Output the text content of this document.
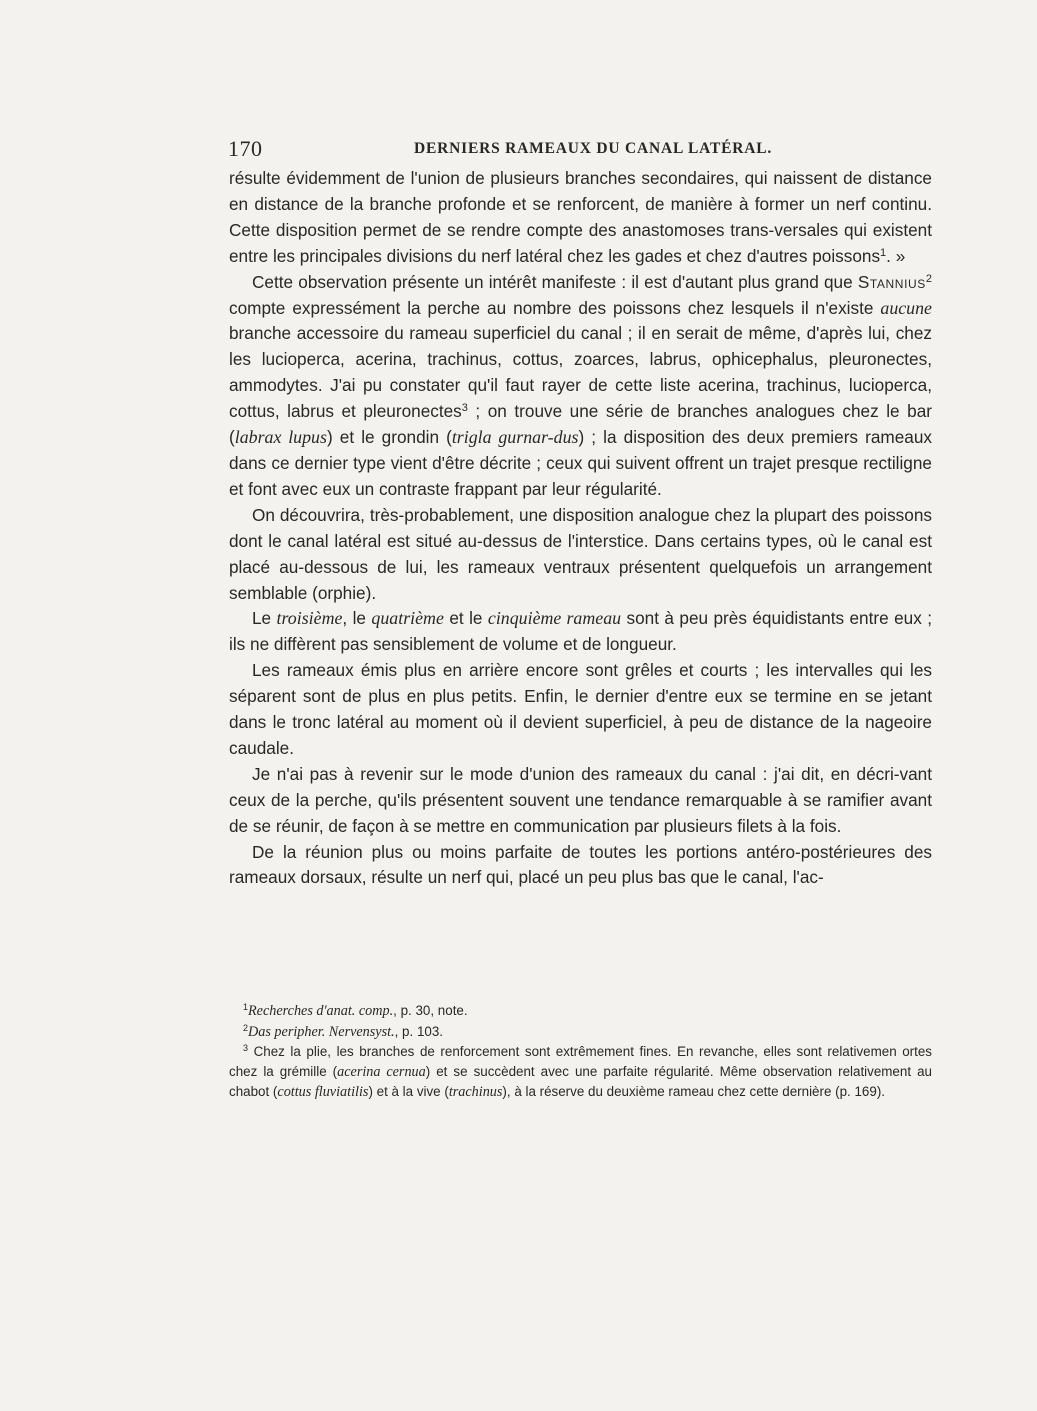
170	DERNIERS RAMEAUX DU CANAL LATÉRAL.

résulte évidemment de l'union de plusieurs branches secondaires, qui naissent de distance en distance de la branche profonde et se renforcent, de manière à former un nerf continu. Cette disposition permet de se rendre compte des anastomoses trans-versales qui existent entre les principales divisions du nerf latéral chez les gades et chez d'autres poissons$^1$. »

Cette observation présente un intérêt manifeste : il est d'autant plus grand que Stannius$^2$ compte expressément la perche au nombre des poissons chez lesquels il n'existe aucune branche accessoire du rameau superficiel du canal ; il en serait de même, d'après lui, chez les lucioperca, acerina, trachinus, cottus, zoarces, labrus, ophicephalus, pleuronectes, ammodytes. J'ai pu constater qu'il faut rayer de cette liste acerina, trachinus, lucioperca, cottus, labrus et pleuronectes$^3$ ; on trouve une série de branches analogues chez le bar (labrax lupus) et le grondin (trigla gurnar-dus) ; la disposition des deux premiers rameaux dans ce dernier type vient d'être décrite ; ceux qui suivent offrent un trajet presque rectiligne et font avec eux un contraste frappant par leur régularité.

On découvrira, très-probablement, une disposition analogue chez la plupart des poissons dont le canal latéral est situé au-dessus de l'interstice. Dans certains types, où le canal est placé au-dessous de lui, les rameaux ventraux présentent quelquefois un arrangement semblable (orphie).

Le troisième, le quatrième et le cinquième rameau sont à peu près équidistants entre eux ; ils ne diffèrent pas sensiblement de volume et de longueur.

Les rameaux émis plus en arrière encore sont grêles et courts ; les intervalles qui les séparent sont de plus en plus petits. Enfin, le dernier d'entre eux se termine en se jetant dans le tronc latéral au moment où il devient superficiel, à peu de distance de la nageoire caudale.

Je n'ai pas à revenir sur le mode d'union des rameaux du canal : j'ai dit, en décri-vant ceux de la perche, qu'ils présentent souvent une tendance remarquable à se ramifier avant de se réunir, de façon à se mettre en communication par plusieurs filets à la fois.

De la réunion plus ou moins parfaite de toutes les portions antéro-postérieures des rameaux dorsaux, résulte un nerf qui, placé un peu plus bas que le canal, l'ac-

$^1$Recherches d'anat. comp., p. 30, note.

$^2$Das peripher. Nervensyst., p. 103.

$^3$ Chez la plie, les branches de renforcement sont extrêmement fines. En revanche, elles sont relativemen ortes chez la grémille (acerina cernua) et se succèdent avec une parfaite régularité. Même observation relativement au chabot (cottus fluviatilis) et à la vive (trachinus), à la réserve du deuxième rameau chez cette dernière (p. 169).
